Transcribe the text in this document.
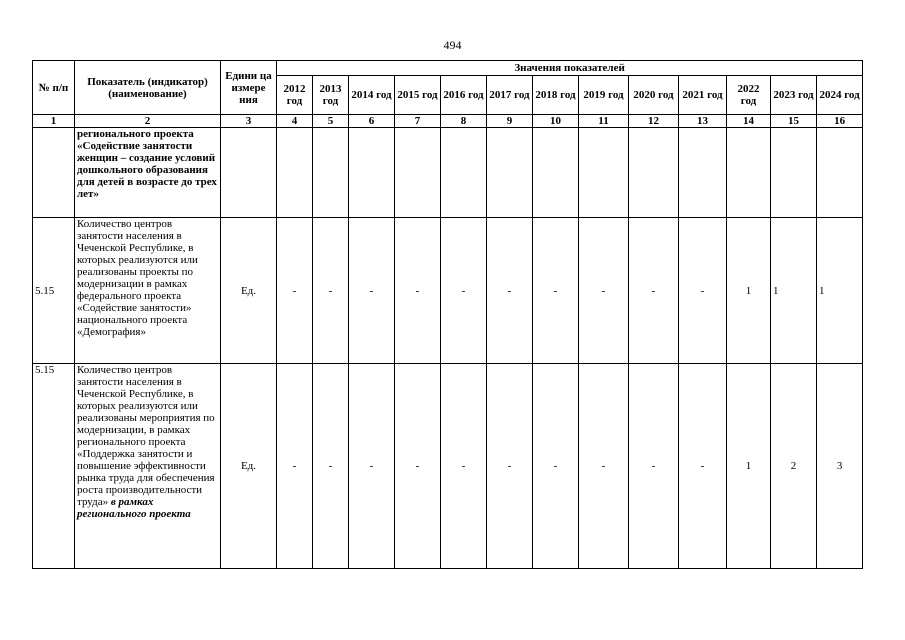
494
№ п/п	Показатель (индикатор) (наименование)	Едини ца измере ния	Значения показателей												
			2012 год	2013 год	2014 год	2015 год	2016 год	2017 год	2018 год	2019 год	2020 год	2021 год	2022 год	2023 год	2024 год
1	2	3	4	5	6	7	8	9	10	11	12	13	14	15	16
	регионального проекта «Содействие занятости женщин – создание условий дошкольного образования для детей в возрасте до трех лет»														
5.15	Количество центров занятости населения в Чеченской Республике, в которых реализуются или реализованы проекты по модернизации в рамках федерального проекта «Содействие занятости» национального проекта «Демография»	Ед.	-	-	-	-	-	-	-	-	-	-	1	1	1
5.15	Количество центров занятости населения в Чеченской Республике, в которых реализуются или реализованы мероприятия по модернизации, в рамках регионального проекта «Поддержка занятости и повышение эффективности рынка труда для обеспечения роста производительности труда» в рамках регионального проекта	Ед.	-	-	-	-	-	-	-	-	-	-	1	2	3
